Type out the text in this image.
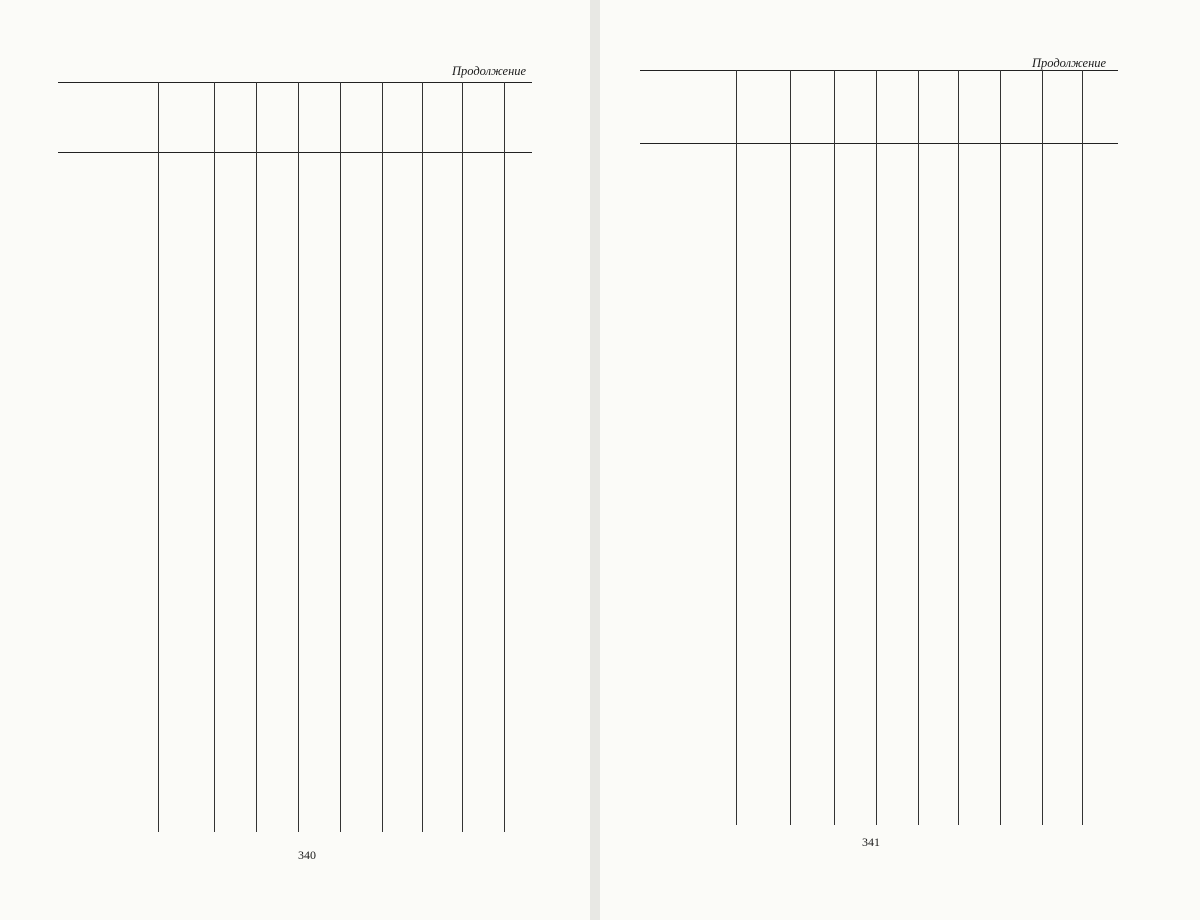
Продолжение
Продолжение
340
341
